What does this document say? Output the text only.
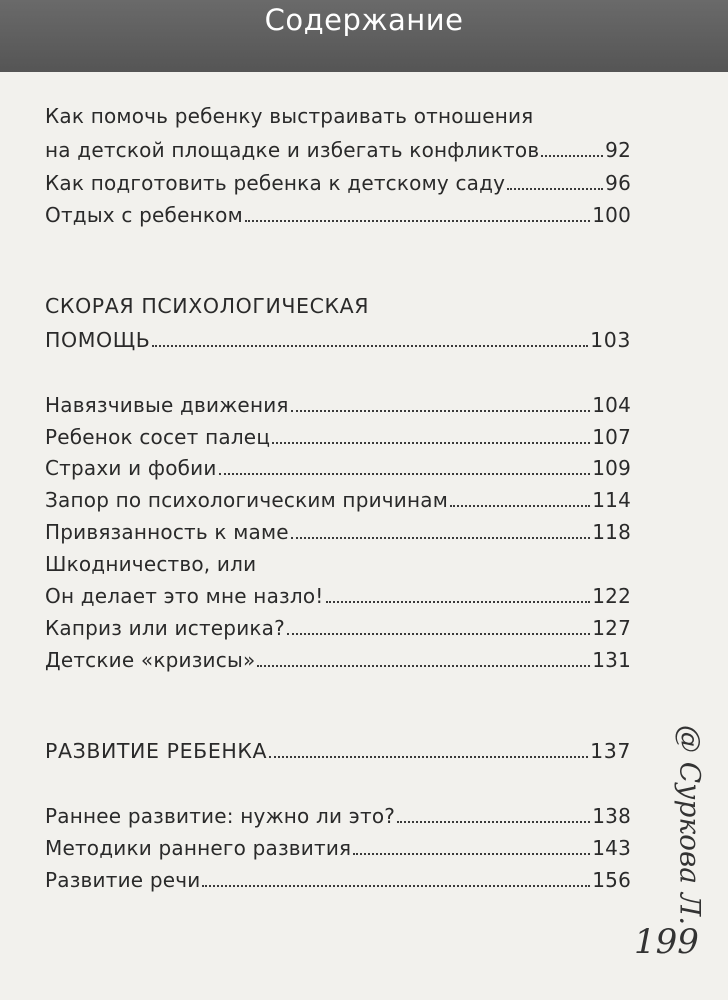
Содержание
Как помочь ребенку выстраивать отношения
на детской площадке и избегать конфликтов	92
Как подготовить ребенка к детскому саду	96
Отдых с ребенком	100
СКОРАЯ ПСИХОЛОГИЧЕСКАЯ
ПОМОЩЬ	103
Навязчивые движения	104
Ребенок сосет палец	107
Страхи и фобии	109
Запор по психологическим причинам	114
Привязанность к маме	118
Шкодничество, или
Он делает это мне назло!	122
Каприз или истерика?	127
Детские «кризисы»	131
РАЗВИТИЕ РЕБЕНКА	137
Раннее развитие: нужно ли это?	138
Методики раннего развития	143
Развитие речи	156 @ Суркова Л.
199
